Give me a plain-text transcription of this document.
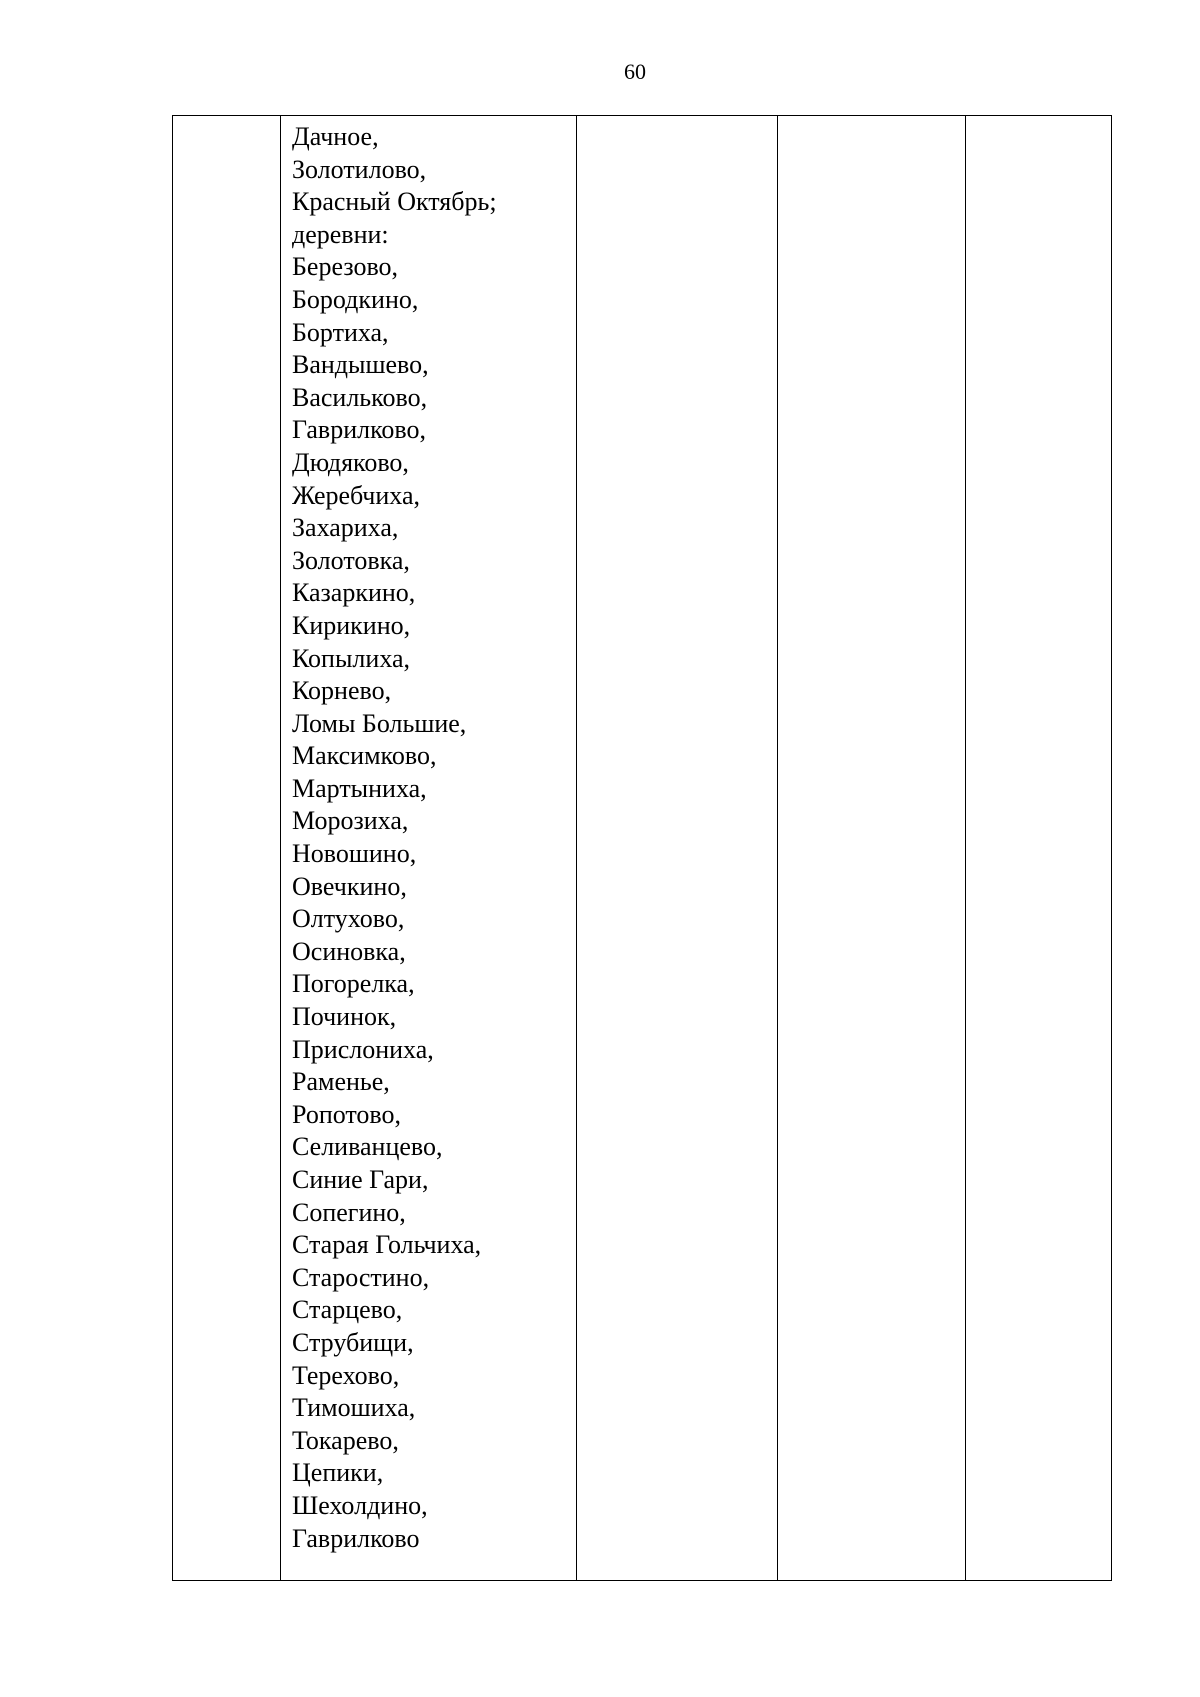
60

Дачное,
Золотилово,
Красный Октябрь;
деревни:
Березово,
Бородкино,
Бортиха,
Вандышево,
Васильково,
Гаврилково,
Дюдяково,
Жеребчиха,
Захариха,
Золотовка,
Казаркино,
Кирикино,
Копылиха,
Корнево,
Ломы Большие,
Максимково,
Мартыниха,
Морозиха,
Новошино,
Овечкино,
Олтухово,
Осиновка,
Погорелка,
Починок,
Прислониха,
Раменье,
Ропотово,
Селиванцево,
Синие Гари,
Сопегино,
Старая Гольчиха,
Старостино,
Старцево,
Струбищи,
Терехово,
Тимошиха,
Токарево,
Цепики,
Шехолдино,
Гаврилково
